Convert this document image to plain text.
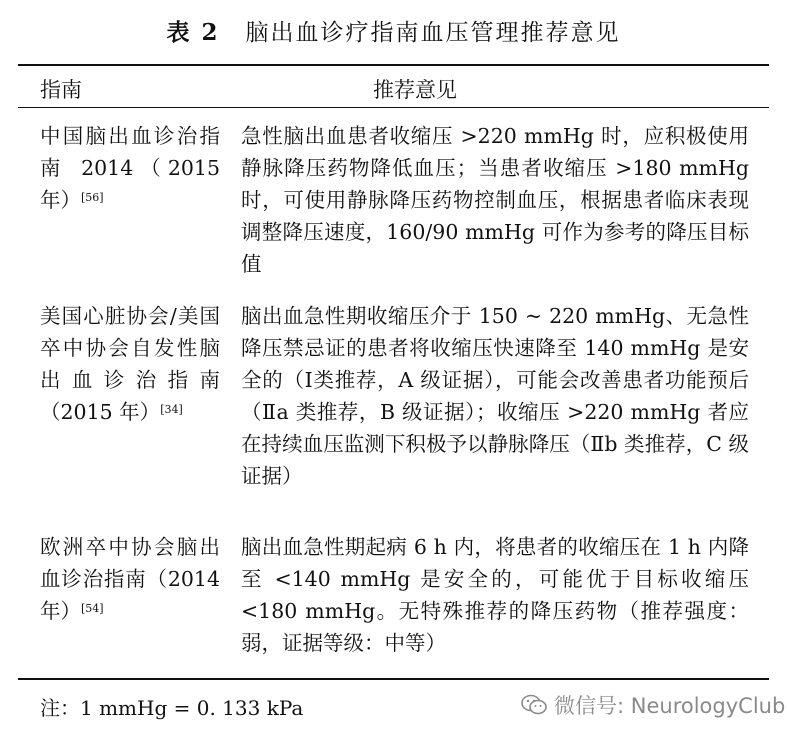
表 2 脑出血诊疗指南血压管理推荐意见
指南	推荐意见
中国脑出血诊治指南 2014（2015 年）[56]
急性脑出血患者收缩压 >220 mmHg 时，应积极使用静脉降压药物降低血压；当患者收缩压 >180 mmHg 时，可使用静脉降压药物控制血压，根据患者临床表现调整降压速度，160/90 mmHg 可作为参考的降压目标值
美国心脏协会/美国卒中协会自发性脑出血诊治指南（2015 年）[34]
脑出血急性期收缩压介于 150 ~ 220 mmHg、无急性降压禁忌证的患者将收缩压快速降至 140 mmHg 是安全的（Ⅰ类推荐，A 级证据），可能会改善患者功能预后（Ⅱa 类推荐，B 级证据）；收缩压 >220 mmHg 者应在持续血压监测下积极予以静脉降压（Ⅱb 类推荐，C 级证据）
欧洲卒中协会脑出血诊治指南（2014 年）[54]
脑出血急性期起病 6 h 内，将患者的收缩压在 1 h 内降至 <140 mmHg 是安全的，可能优于目标收缩压 <180 mmHg。无特殊推荐的降压药物（推荐强度：弱，证据等级：中等）
注：1 mmHg = 0. 133 kPa	微信号: NeurologyClub
